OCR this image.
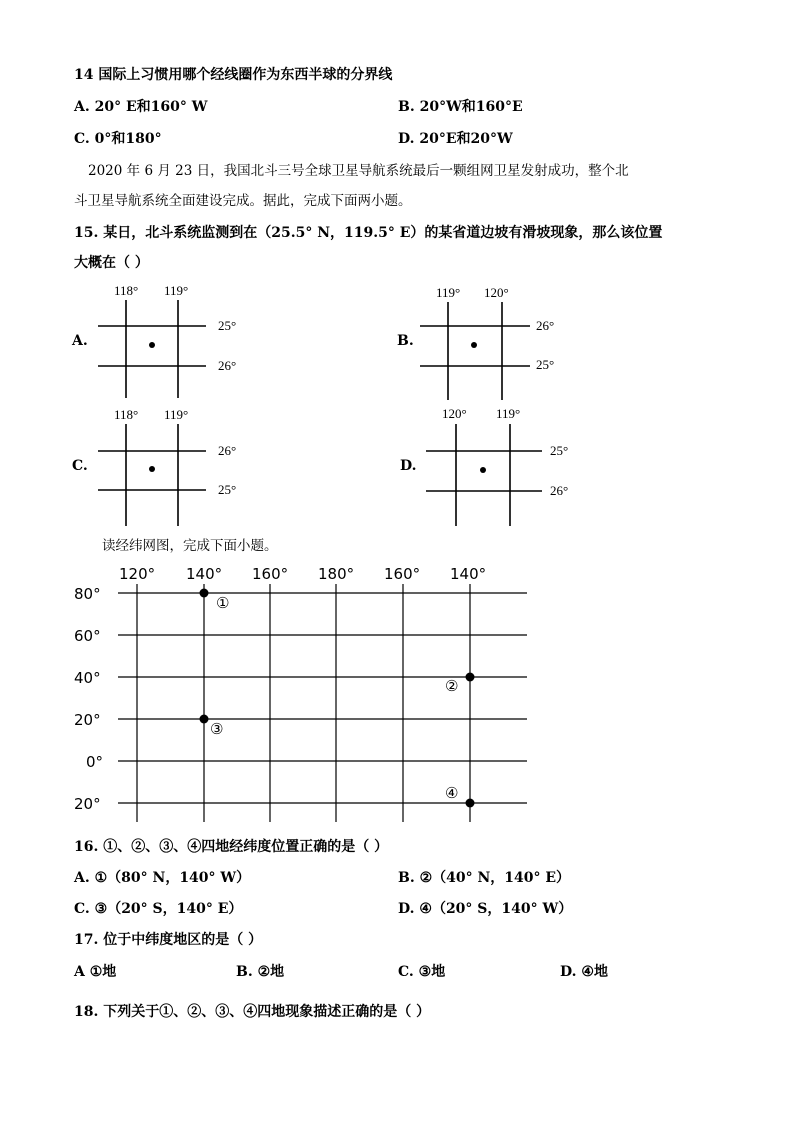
14 国际上习惯用哪个经线圈作为东西半球的分界线
A. 20° E和160° W	B. 20°W和160°E
C. 0°和180°	D. 20°E和20°W
2020 年 6 月 23 日，我国北斗三号全球卫星导航系统最后一颗组网卫星发射成功，整个北
斗卫星导航系统全面建设完成。据此，完成下面两小题。
15. 某日，北斗系统监测到在（25.5° N，119.5° E）的某省道边坡有滑坡现象，那么该位置
大概在（ ）
A.
118° 119°
25°
26°
B.
119° 120°
26°
25°
C.
118° 119°
26°
25°
D.
120° 119°
25°
26°
读经纬网图，完成下面小题。
120° 140° 160° 180° 160° 140°
80°
60°
40°
20°
0°
20°
①
②
③
④
16. ①、②、③、④四地经纬度位置正确的是（ ）
A. ①（80° N，140° W）	B. ②（40° N，140° E）
C. ③（20° S，140° E）	D. ④（20° S，140° W）
17. 位于中纬度地区的是（ ）
A ①地	B. ②地	C. ③地	D. ④地
18. 下列关于①、②、③、④四地现象描述正确的是（ ）
